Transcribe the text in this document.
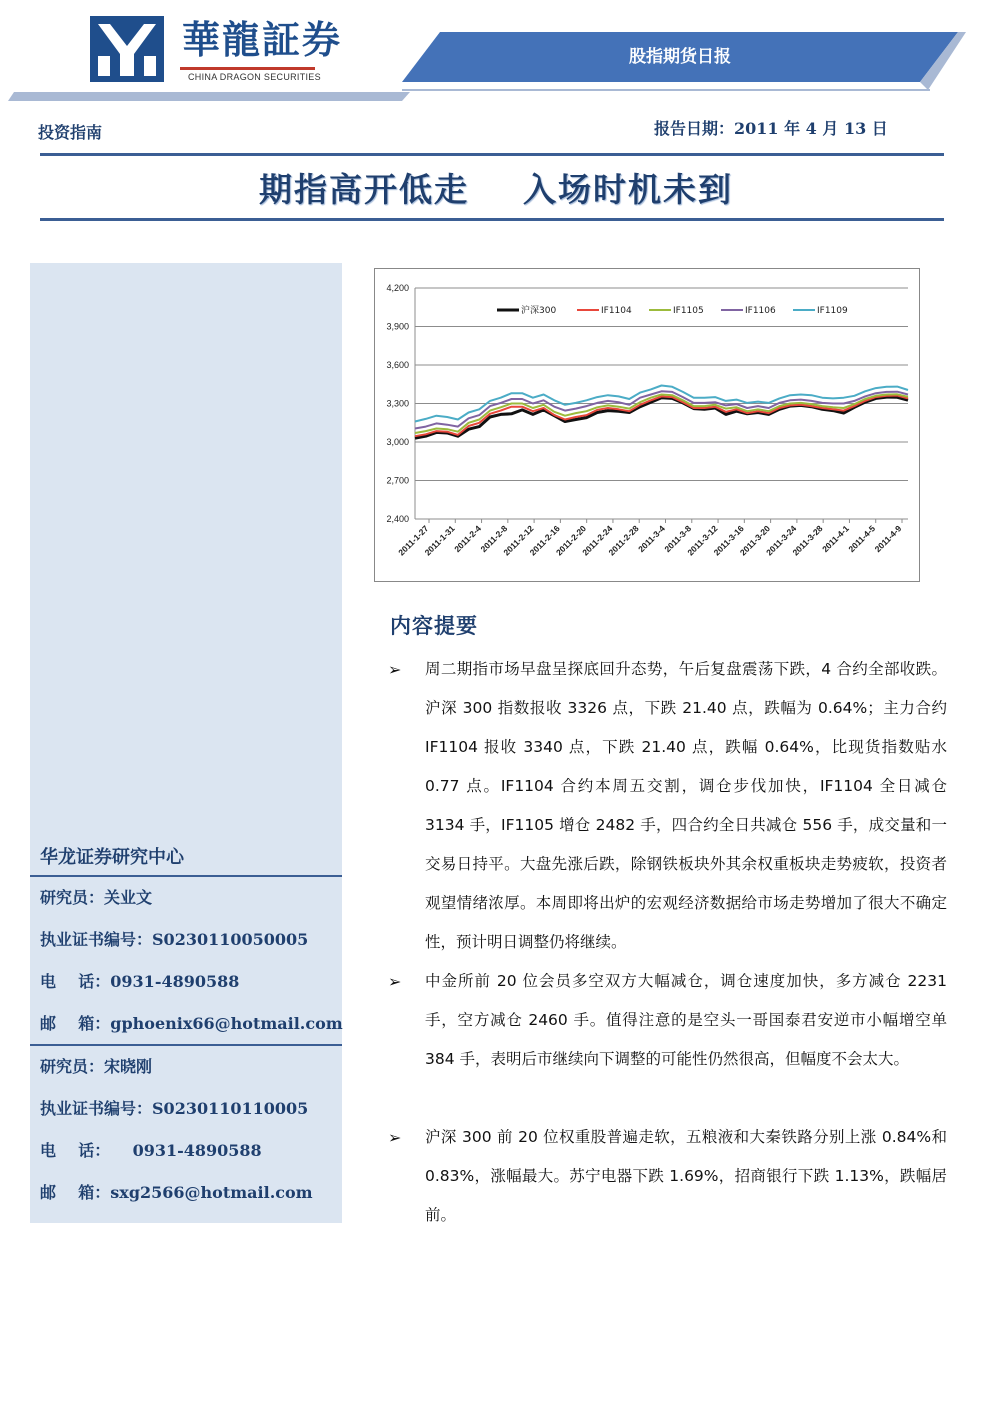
華龍証券
CHINA DRAGON SECURITIES
股指期货日报
投资指南	报告日期：2011 年 4 月 13 日
期指高开低走    入场时机未到
华龙证券研究中心
研究员：关业文
执业证书编号：S0230110050005
电    话：0931-4890588
邮    箱：gphoenix66@hotmail.com
研究员：宋晓刚
执业证书编号：S0230110110005
电    话：    0931-4890588
邮    箱：sxg2566@hotmail.com
2,400
2,700
3,000
3,300
3,600
3,900
4,200
2011-1-27
2011-1-31
2011-2-4
2011-2-8
2011-2-12
2011-2-16
2011-2-20
2011-2-24
2011-2-28
2011-3-4
2011-3-8
2011-3-12
2011-3-16
2011-3-20
2011-3-24
2011-3-28
2011-4-1
2011-4-5
2011-4-9
沪深300	IF1104	IF1105	IF1106	IF1109
内容提要
➢ 周二期指市场早盘呈探底回升态势，午后复盘震荡下跌，4 合约全部收跌。沪深 300 指数报收 3326 点，下跌 21.40 点，跌幅为 0.64%；主力合约 IF1104 报收 3340 点，下跌 21.40 点，跌幅 0.64%，比现货指数贴水 0.77 点。IF1104 合约本周五交割，调仓步伐加快，IF1104 全日减仓 3134 手，IF1105 增仓 2482 手，四合约全日共减仓 556 手，成交量和一交易日持平。大盘先涨后跌，除钢铁板块外其余权重板块走势疲软，投资者观望情绪浓厚。本周即将出炉的宏观经济数据给市场走势增加了很大不确定性，预计明日调整仍将继续。
➢ 中金所前 20 位会员多空双方大幅减仓，调仓速度加快，多方减仓 2231 手，空方减仓 2460 手。值得注意的是空头一哥国泰君安逆市小幅增空单 384 手，表明后市继续向下调整的可能性仍然很高，但幅度不会太大。
➢ 沪深 300 前 20 位权重股普遍走软，五粮液和大秦铁路分别上涨 0.84%和 0.83%，涨幅最大。苏宁电器下跌 1.69%，招商银行下跌 1.13%，跌幅居前。
